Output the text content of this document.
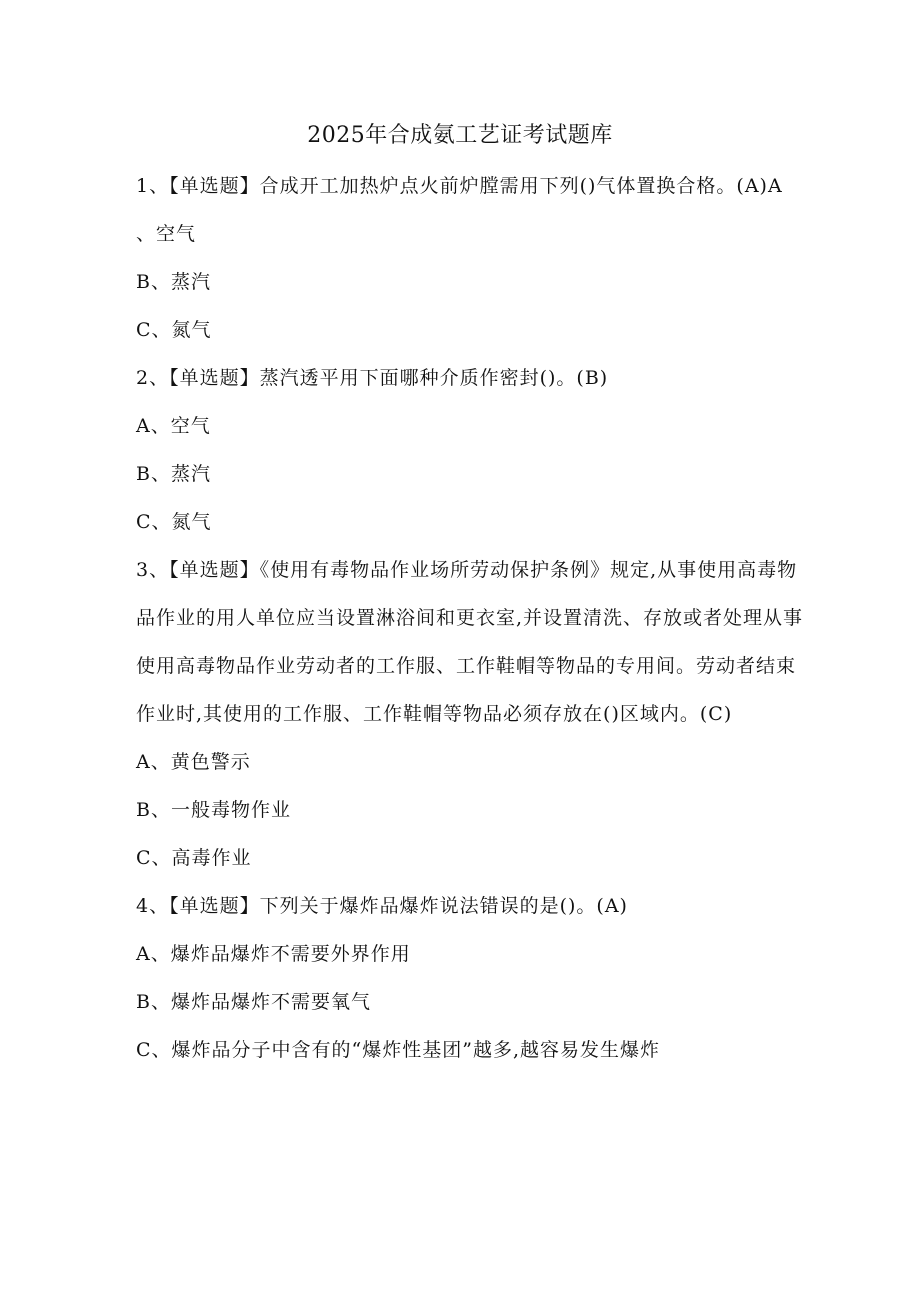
2025年合成氨工艺证考试题库

1、【单选题】合成开工加热炉点火前炉膛需用下列()气体置换合格。(A)A

、空气

B、蒸汽

C、氮气

2、【单选题】蒸汽透平用下面哪种介质作密封()。(B)

A、空气

B、蒸汽

C、氮气

3、【单选题】《使用有毒物品作业场所劳动保护条例》规定,从事使用高毒物品作业的用人单位应当设置淋浴间和更衣室,并设置清洗、存放或者处理从事使用高毒物品作业劳动者的工作服、工作鞋帽等物品的专用间。劳动者结束作业时,其使用的工作服、工作鞋帽等物品必须存放在()区域内。(C)

A、黄色警示

B、一般毒物作业

C、高毒作业

4、【单选题】下列关于爆炸品爆炸说法错误的是()。(A)

A、爆炸品爆炸不需要外界作用

B、爆炸品爆炸不需要氧气

C、爆炸品分子中含有的“爆炸性基团”越多,越容易发生爆炸
